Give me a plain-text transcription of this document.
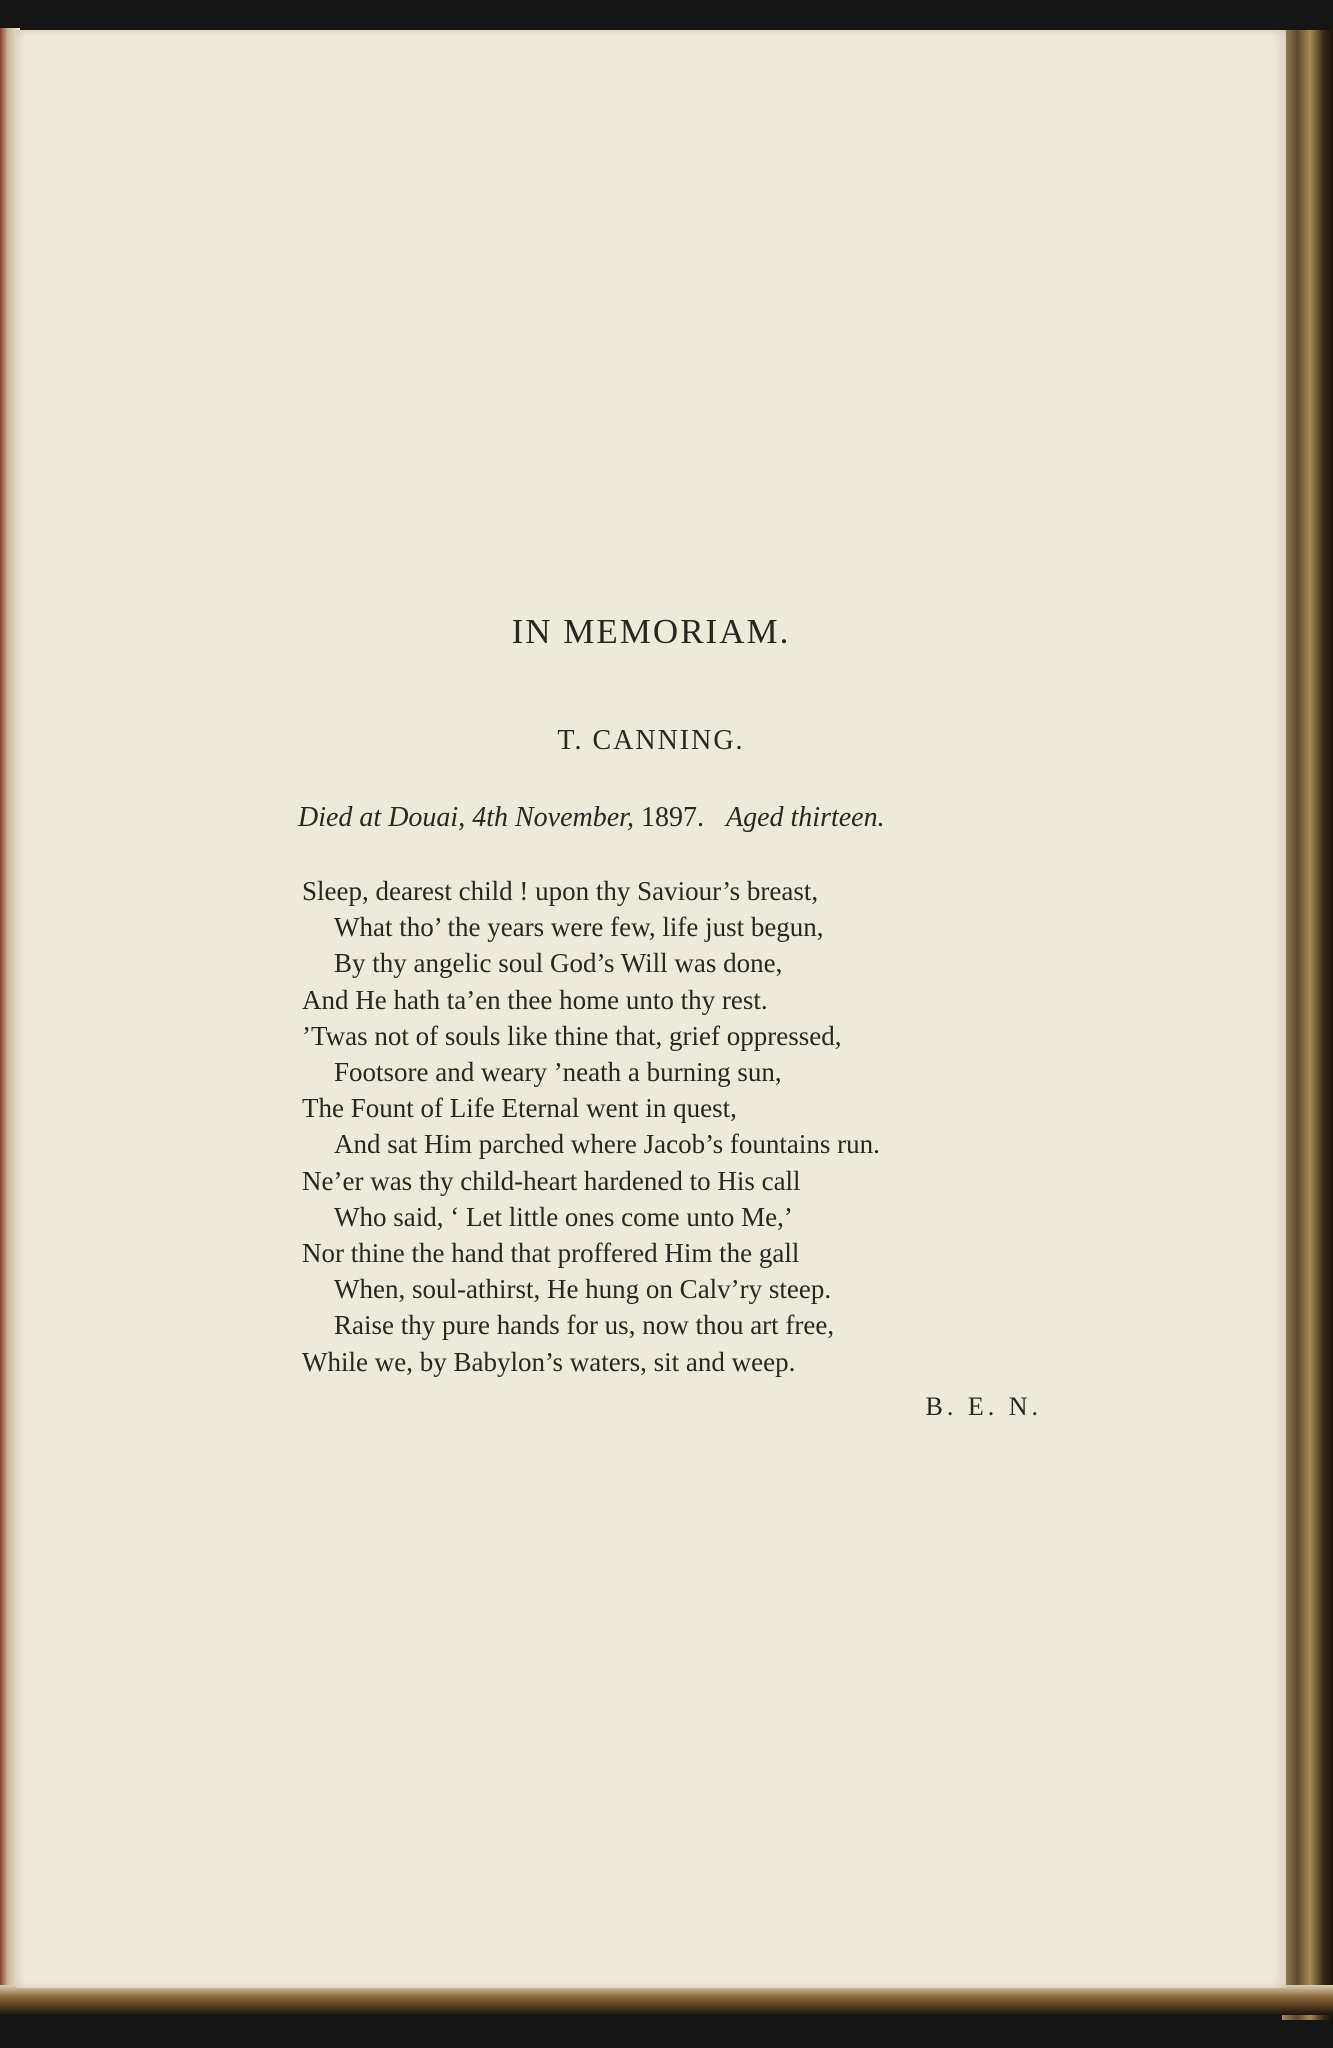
IN MEMORIAM.
T. CANNING.

Died at Douai, 4th November, 1897. Aged thirteen.

Sleep, dearest child ! upon thy Saviour’s breast,
What tho’ the years were few, life just begun,
By thy angelic soul God’s Will was done,
And He hath ta’en thee home unto thy rest.
’Twas not of souls like thine that, grief oppressed,
Footsore and weary ’neath a burning sun,
The Fount of Life Eternal went in quest,
And sat Him parched where Jacob’s fountains run.
Ne’er was thy child-heart hardened to His call
Who said, ‘ Let little ones come unto Me,’
Nor thine the hand that proffered Him the gall
When, soul-athirst, He hung on Calv’ry steep.
Raise thy pure hands for us, now thou art free,
While we, by Babylon’s waters, sit and weep.

B. E. N.
